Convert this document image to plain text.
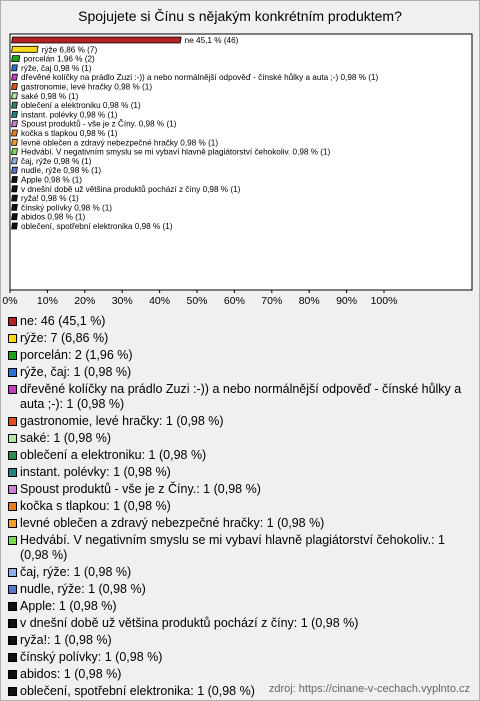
Spojujete si Čínu s nějakým konkrétním produktem?
ne 45,1 % (46)
rýže 6,86 % (7)
porcelán 1,96 % (2)
rýže, čaj 0,98 % (1)
dřevěné kolíčky na prádlo Zuzi :-)) a nebo normálnější odpověď - čínské hůlky a auta ;-) 0,98 % (1)
gastronomie, levé hračky 0,98 % (1)
saké 0,98 % (1)
oblečení a elektroniku 0,98 % (1)
instant. polévky 0,98 % (1)
Spoust produktů - vše je z Číny. 0,98 % (1)
kočka s tlapkou 0,98 % (1)
levné oblečen a zdravý nebezpečné hračky 0,98 % (1)
Hedvábí. V negativním smyslu se mi vybaví hlavně plagiátorství čehokoliv. 0,98 % (1)
čaj, rýže 0,98 % (1)
nudle, rýže 0,98 % (1)
Apple 0,98 % (1)
v dnešní době už většina produktů pochází z číny 0,98 % (1)
ryža! 0,98 % (1)
čínský polívky 0,98 % (1)
abidos 0,98 % (1)
oblečení, spotřební elektronika 0,98 % (1)
0% 10% 20% 30% 40% 50% 60% 70% 80% 90% 100%
ne: 46 (45,1 %)
rýže: 7 (6,86 %)
porcelán: 2 (1,96 %)
rýže, čaj: 1 (0,98 %)
dřevěné kolíčky na prádlo Zuzi :-)) a nebo normálnější odpověď - čínské hůlky a auta ;-): 1 (0,98 %)
gastronomie, levé hračky: 1 (0,98 %)
saké: 1 (0,98 %)
oblečení a elektroniku: 1 (0,98 %)
instant. polévky: 1 (0,98 %)
Spoust produktů - vše je z Číny.: 1 (0,98 %)
kočka s tlapkou: 1 (0,98 %)
levné oblečen a zdravý nebezpečné hračky: 1 (0,98 %)
Hedvábí. V negativním smyslu se mi vybaví hlavně plagiátorství čehokoliv.: 1 (0,98 %)
čaj, rýže: 1 (0,98 %)
nudle, rýže: 1 (0,98 %)
Apple: 1 (0,98 %)
v dnešní době už většina produktů pochází z číny: 1 (0,98 %)
ryža!: 1 (0,98 %)
čínský polívky: 1 (0,98 %)
abidos: 1 (0,98 %)
oblečení, spotřební elektronika: 1 (0,98 %)	zdroj: https://cinane-v-cechach.vyplnto.cz
